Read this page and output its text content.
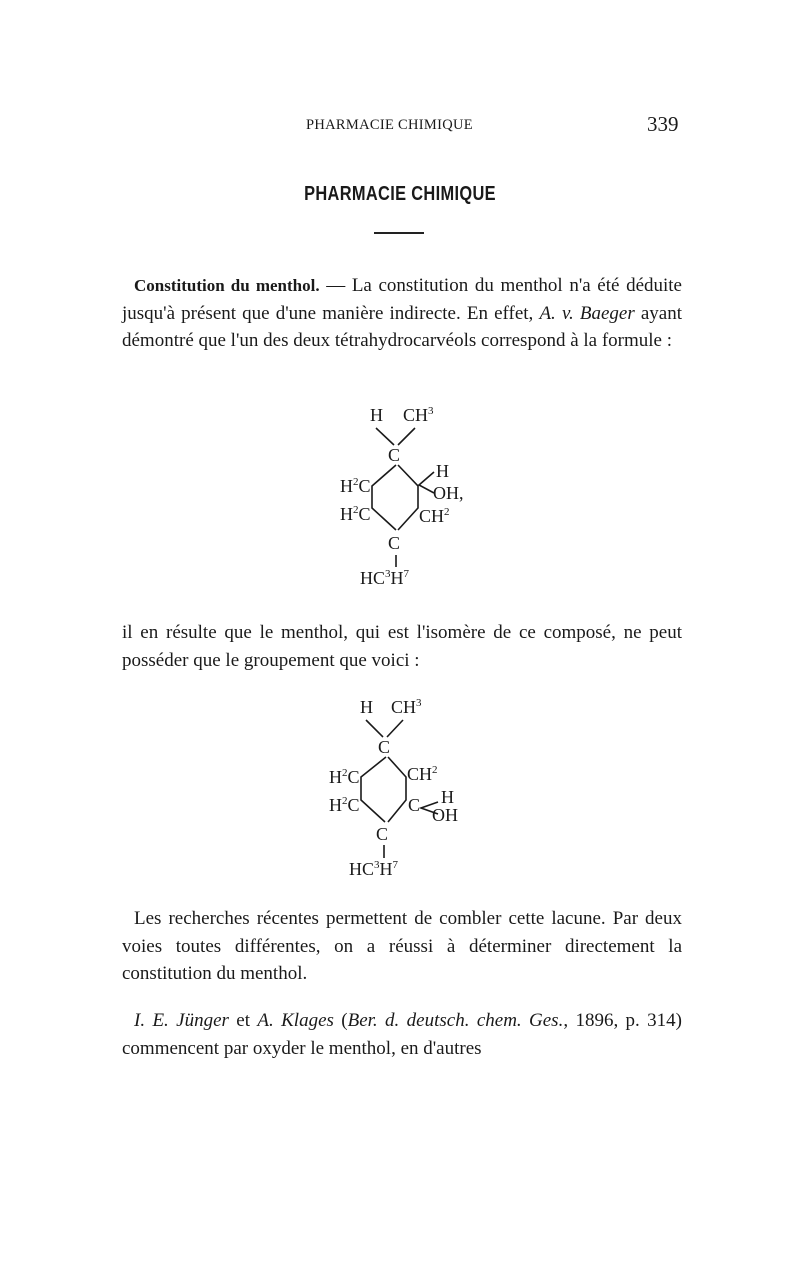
PHARMACIE CHIMIQUE	339
PHARMACIE CHIMIQUE
Constitution du menthol. — La constitution du menthol n'a été déduite jusqu'à présent que d'une manière indirecte. En effet, A. v. Baeger ayant démontré que l'un des deux tétrahydrocarvéols correspond à la formule :
H $CH^3$
C
$H^2C$
$H^2C$
H
OH,
$CH^2$
C
$HC^3H^7$
H $CH^3$
C
$H^2C$
$H^2C$
$CH^2$
C H
OH
C
$HC^3H^7$
il en résulte que le menthol, qui est l'isomère de ce composé, ne peut posséder que le groupement que voici :
Les recherches récentes permettent de combler cette lacune. Par deux voies toutes différentes, on a réussi à déterminer directement la constitution du menthol.
I. E. Jünger et A. Klages (Ber. d. deutsch. chem. Ges., 1896, p. 314) commencent par oxyder le menthol, en d'autres
